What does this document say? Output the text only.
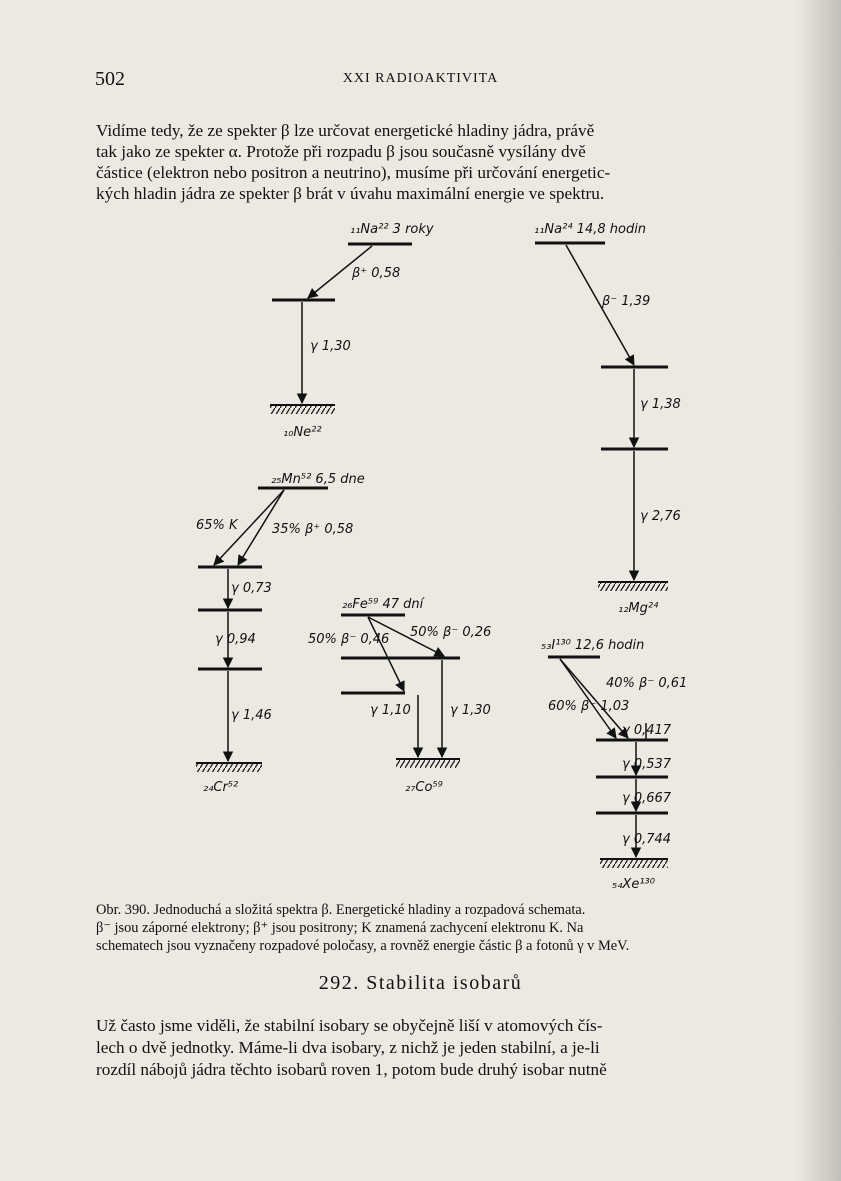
502	XXI RADIOAKTIVITA
Vidíme tedy, že ze spekter β lze určovat energetické hladiny jádra, právě
tak jako ze spekter α. Protože při rozpadu β jsou současně vysílány dvě
částice (elektron nebo positron a neutrino), musíme při určování energetic-
kých hladin jádra ze spekter β brát v úvahu maximální energie ve spektru.
₁₁Na²² 3 roky
β⁺ 0,58
γ 1,30
₁₀Ne²²
₁₁Na²⁴ 14,8 hodin
β⁻ 1,39
γ 1,38
γ 2,76
₁₂Mg²⁴
₂₅Mn⁵² 6,5 dne
65% K	35% β⁺ 0,58
γ 0,73
γ 0,94
γ 1,46
₂₄Cr⁵²
₂₆Fe⁵⁹ 47 dní
50% β⁻ 0,46 50% β⁻ 0,26
γ 1,10	γ 1,30
₂₇Co⁵⁹
₅₃I¹³⁰ 12,6 hodin
60% β⁻ 1,03
40% β⁻ 0,61
γ 0,417
γ 0,537
γ 0,667
γ 0,744
₅₄Xe¹³⁰
Obr. 390. Jednoduchá a složitá spektra β. Energetické hladiny a rozpadová schemata.
β⁻ jsou záporné elektrony; β⁺ jsou positrony; K znamená zachycení elektronu K. Na
schematech jsou vyznačeny rozpadové poločasy, a rovněž energie částic β a fotonů γ v MeV.
292. Stabilita isobarů
Už často jsme viděli, že stabilní isobary se obyčejně liší v atomových čís-
lech o dvě jednotky. Máme-li dva isobary, z nichž je jeden stabilní, a je-li
rozdíl nábojů jádra těchto isobarů roven 1, potom bude druhý isobar nutně
